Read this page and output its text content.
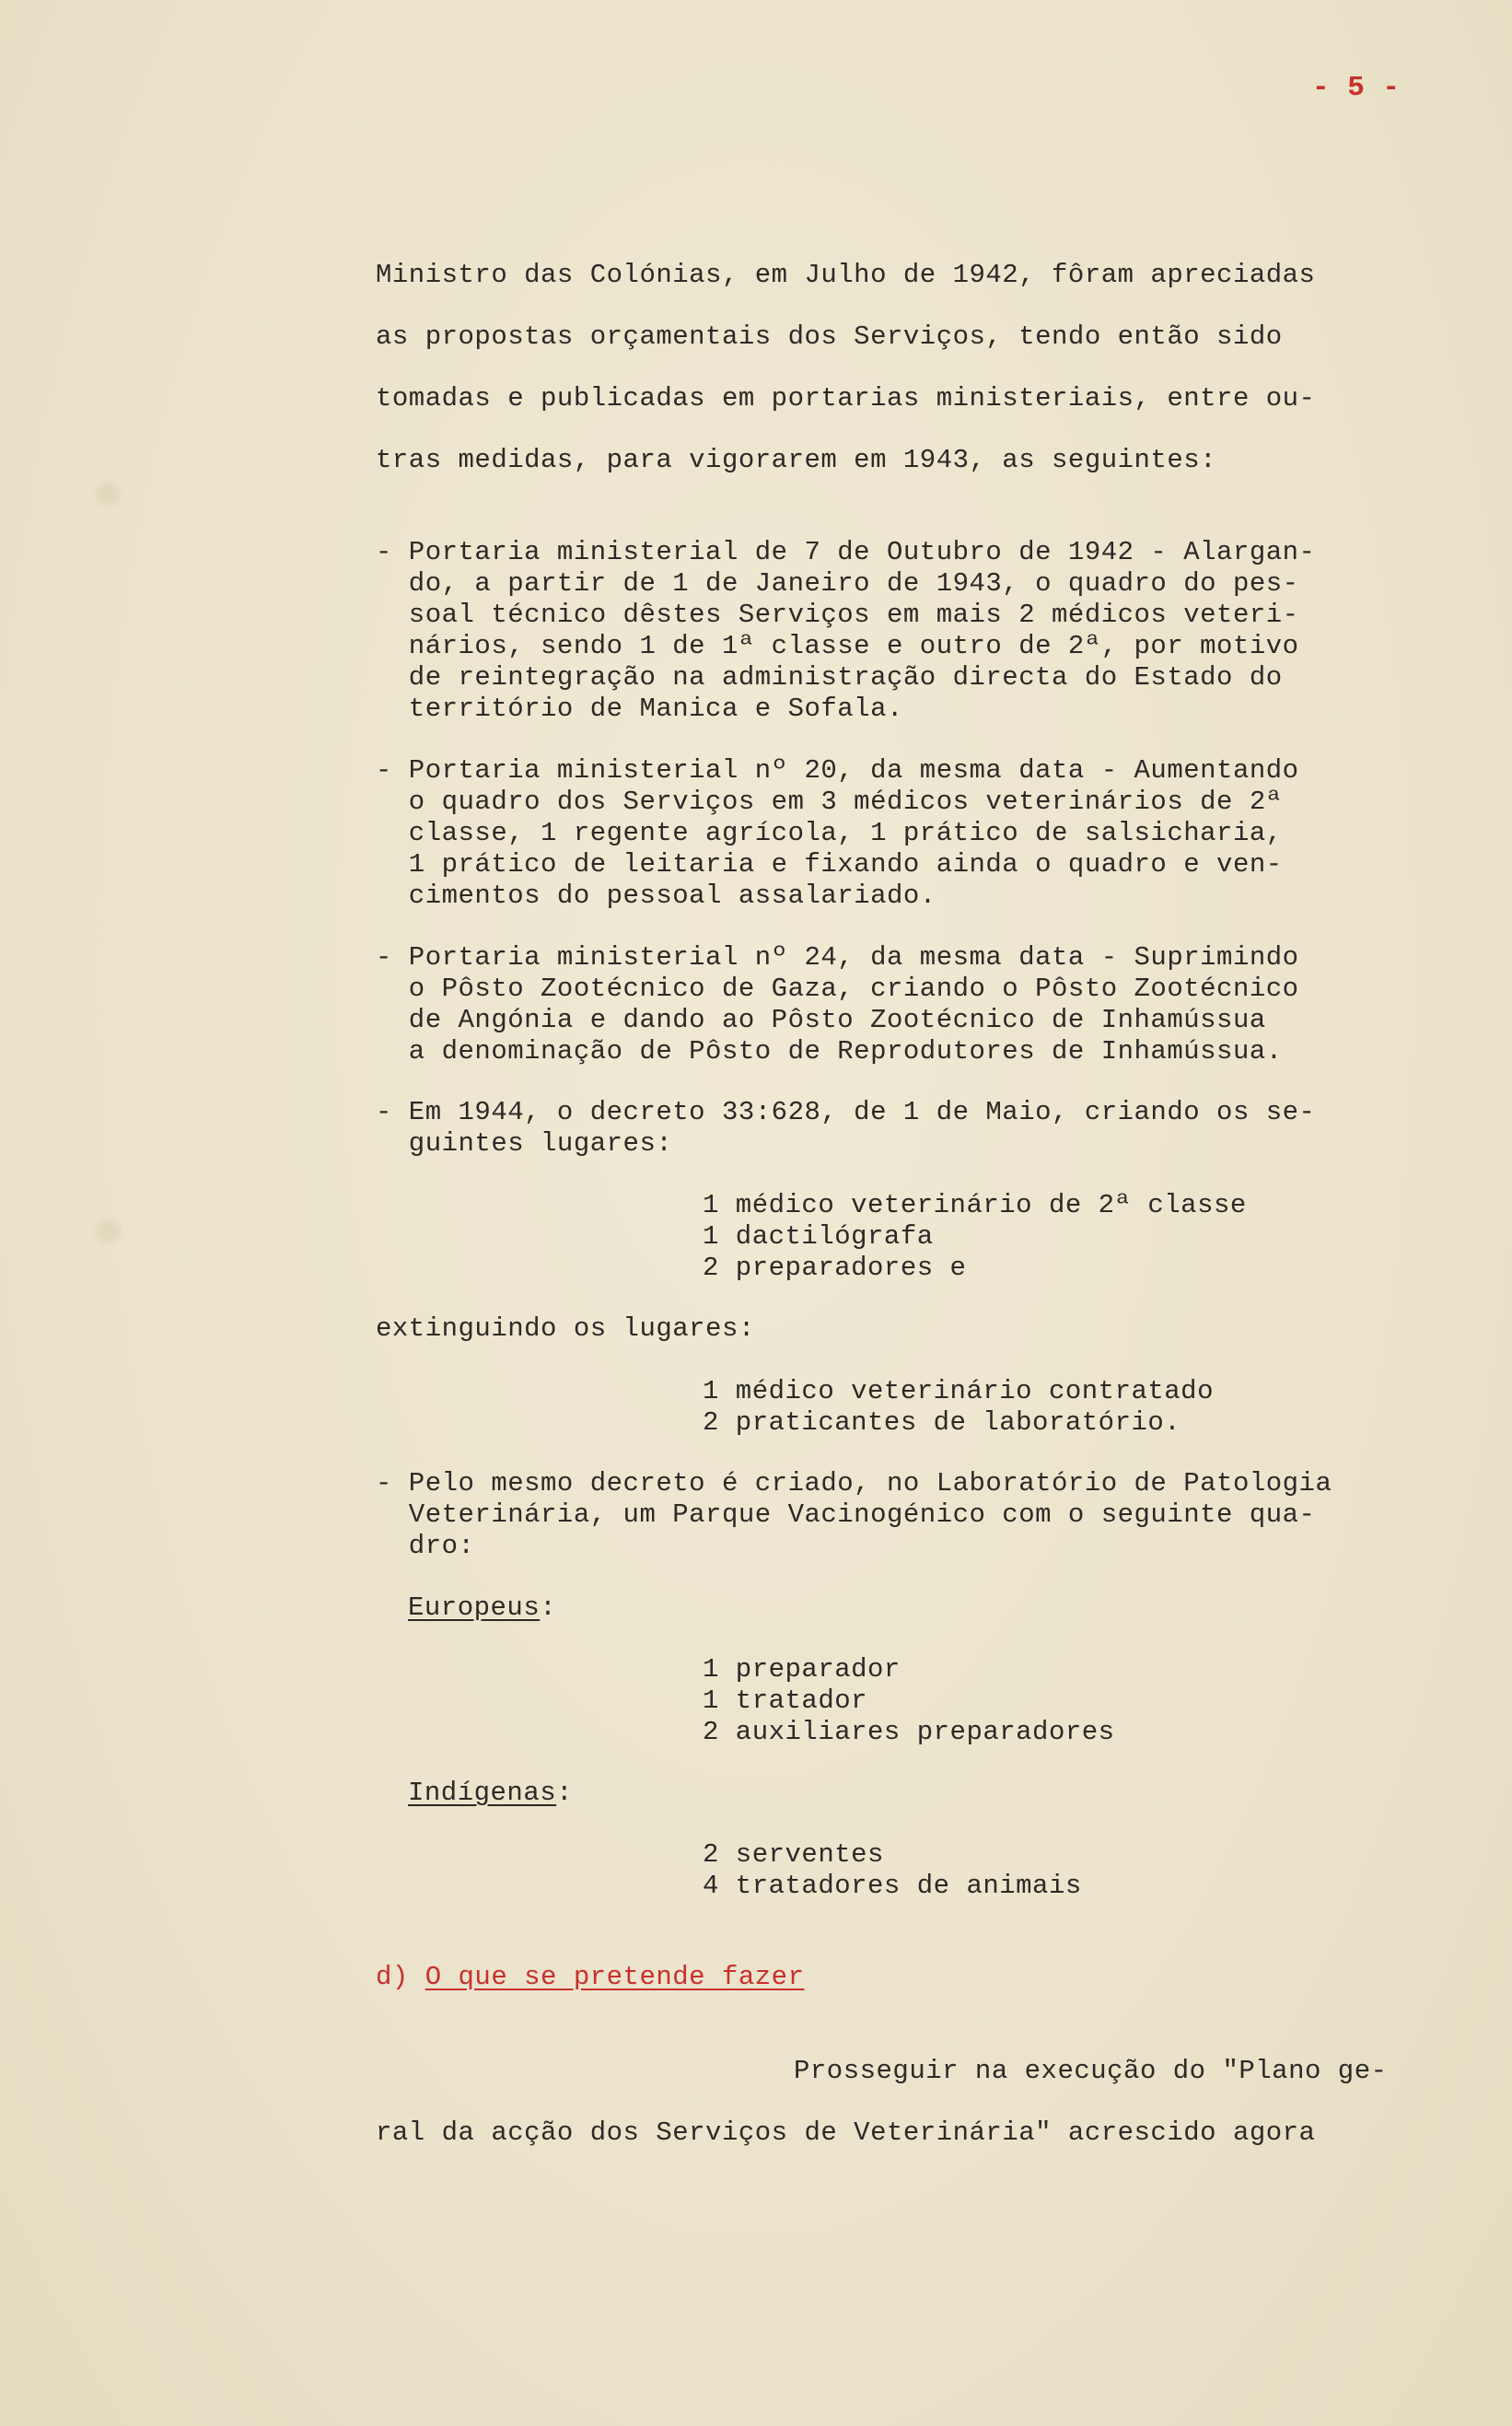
- 5 -
Ministro das Colónias, em Julho de 1942, fôram apreciadas
as propostas orçamentais dos Serviços, tendo então sido
tomadas e publicadas em portarias ministeriais, entre ou-
tras medidas, para vigorarem em 1943, as seguintes:
- Portaria ministerial de 7 de Outubro de 1942 - Alargan-
do, a partir de 1 de Janeiro de 1943, o quadro do pes-
soal técnico dêstes Serviços em mais 2 médicos veteri-
nários, sendo 1 de 1ª classe e outro de 2ª, por motivo
de reintegração na administração directa do Estado do
território de Manica e Sofala.
- Portaria ministerial nº 20, da mesma data - Aumentando
o quadro dos Serviços em 3 médicos veterinários de 2ª
classe, 1 regente agrícola, 1 prático de salsicharia,
1 prático de leitaria e fixando ainda o quadro e ven-
cimentos do pessoal assalariado.
- Portaria ministerial nº 24, da mesma data - Suprimindo
o Pôsto Zootécnico de Gaza, criando o Pôsto Zootécnico
de Angónia e dando ao Pôsto Zootécnico de Inhamússua
a denominação de Pôsto de Reprodutores de Inhamússua.
- Em 1944, o decreto 33:628, de 1 de Maio, criando os se-
guintes lugares:
1 médico veterinário de 2ª classe
1 dactilógrafa
2 preparadores e
extinguindo os lugares:
1 médico veterinário contratado
2 praticantes de laboratório.
- Pelo mesmo decreto é criado, no Laboratório de Patologia
Veterinária, um Parque Vacinogénico com o seguinte qua-
dro:
Europeus:
1 preparador
1 tratador
2 auxiliares preparadores
Indígenas:
2 serventes
4 tratadores de animais
d) O que se pretende fazer
Prosseguir na execução do "Plano ge-
ral da acção dos Serviços de Veterinária" acrescido agora
